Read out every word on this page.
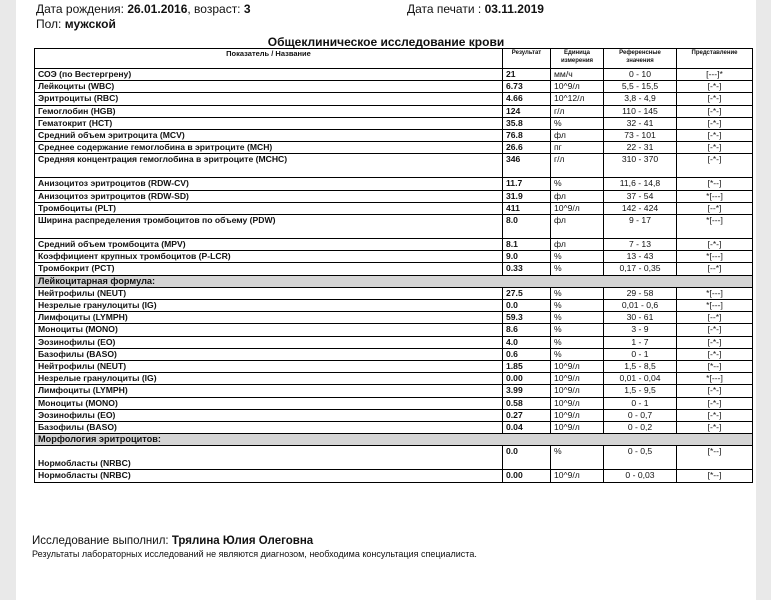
Дата рождения: 26.01.2016, возраст: 3	Дата печати : 03.11.2019
Пол: мужской
Общеклиническое исследование крови
Показатель / Название	Результат	Единица измерения	Референсные значения	Представление
СОЭ (по Вестергрену)	21	мм/ч	0 - 10	[---]*
Лейкоциты (WBC)	6.73	10^9/л	5,5 - 15,5	[-*-]
Эритроциты (RBC)	4.66	10^12/л	3,8 - 4,9	[-*-]
Гемоглобин (HGB)	124	г/л	110 - 145	[-*-]
Гематокрит (HCT)	35.8	%	32 - 41	[-*-]
Средний объем эритроцита (MCV)	76.8	фл	73 - 101	[-*-]
Среднее содержание гемоглобина в эритроците (MCH)	26.6	пг	22 - 31	[-*-]
Средняя концентрация гемоглобина в эритроците (MCHC)	346	г/л	310 - 370	[-*-]
Анизоцитоз эритроцитов (RDW-CV)	11.7	%	11,6 - 14,8	[*--]
Анизоцитоз эритроцитов (RDW-SD)	31.9	фл	37 - 54	*[---]
Тромбоциты (PLT)	411	10^9/л	142 - 424	[--*]
Ширина распределения тромбоцитов по объему (PDW)	8.0	фл	9 - 17	*[---]
Средний объем тромбоцита (MPV)	8.1	фл	7 - 13	[-*-]
Коэффициент крупных тромбоцитов (P-LCR)	9.0	%	13 - 43	*[---]
Тромбокрит (PCT)	0.33	%	0,17 - 0,35	[--*]
Лейкоцитарная формула:				
Нейтрофилы (NEUT)	27.5	%	29 - 58	*[---]
Незрелые гранулоциты (IG)	0.0	%	0,01 - 0,6	*[---]
Лимфоциты (LYMPH)	59.3	%	30 - 61	[--*]
Моноциты (MONO)	8.6	%	3 - 9	[-*-]
Эозинофилы (EO)	4.0	%	1 - 7	[-*-]
Базофилы (BASO)	0.6	%	0 - 1	[-*-]
Нейтрофилы (NEUT)	1.85	10^9/л	1,5 - 8,5	[*--]
Незрелые гранулоциты (IG)	0.00	10^9/л	0,01 - 0,04	*[---]
Лимфоциты (LYMPH)	3.99	10^9/л	1,5 - 9,5	[-*-]
Моноциты (MONO)	0.58	10^9/л	0 - 1	[-*-]
Эозинофилы (EO)	0.27	10^9/л	0 - 0,7	[-*-]
Базофилы (BASO)	0.04	10^9/л	0 - 0,2	[-*-]
Морфология эритроцитов:				
Нормобласты (NRBC)	0.0	%	0 - 0,5	[*--]
Нормобласты (NRBC)	0.00	10^9/л	0 - 0,03	[*--]
Исследование выполнил: Трялина Юлия Олеговна
Результаты лабораторных исследований не являются диагнозом, необходима консультация специалиста.
